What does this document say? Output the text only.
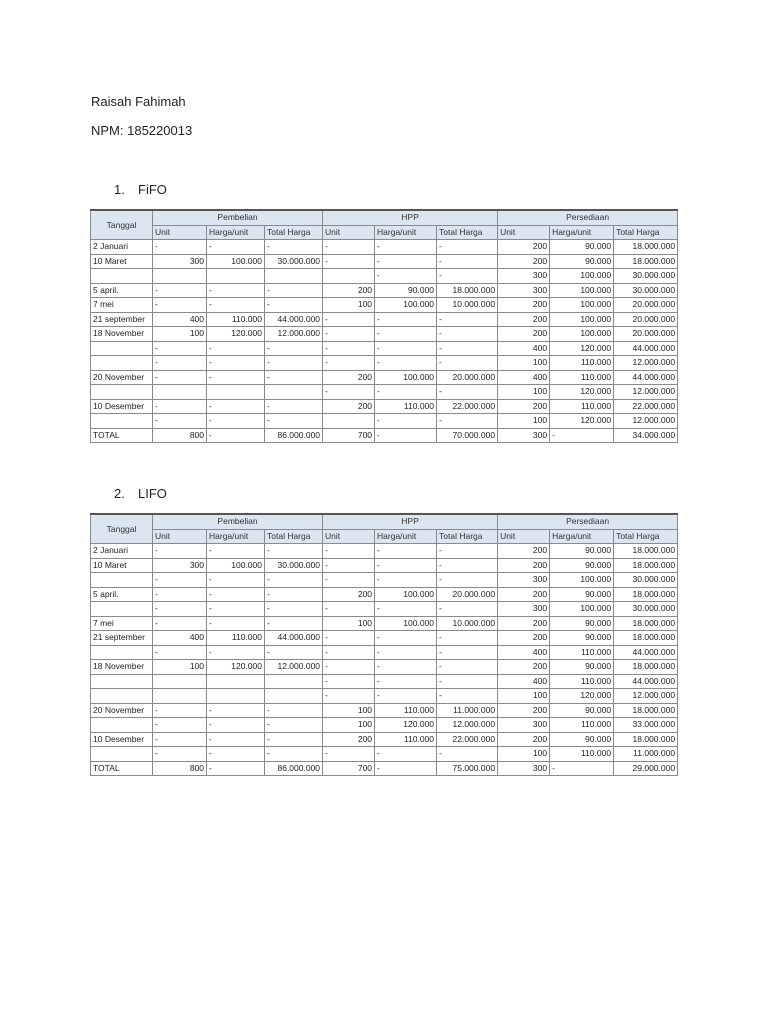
Raisah Fahimah
NPM: 185220013
1. FiFO
Tanggal	Pembelian			HPP			Persediaan		
	Unit	Harga/unit	Total Harga	Unit	Harga/unit	Total Harga	Unit	Harga/unit	Total Harga
2 Januari	-	-	-	-	-	-	200	90.000	18.000.000
10 Maret	300	100.000	30.000.000	-	-	-	200	90.000	18.000.000
					-	-	300	100.000	30.000.000
5 april.	-	-	-	200	90.000	18.000.000	300	100.000	30.000.000
7 mei	-	-	-	100	100.000	10.000.000	200	100.000	20.000.000
21 september	400	110.000	44.000.000	-	-	-	200	100.000	20.000.000
18 November	100	120.000	12.000.000	-	-	-	200	100.000	20.000.000
	-	-	-	-	-	-	400	120.000	44.000.000
	-	-	-	-	-	-	100	110.000	12.000.000
20 November	-	-	-	200	100.000	20.000.000	400	110.000	44.000.000
				-	-	-	100	120.000	12.000.000
10 Desember	-	-	-	200	110.000	22.000.000	200	110.000	22.000.000
	-	-	-		-	-	100	120.000	12.000.000
TOTAL	800	-	86.000.000	700	-	70.000.000	300	-	34.000.000
2. LIFO
Tanggal	Pembelian			HPP			Persediaan		
	Unit	Harga/unit	Total Harga	Unit	Harga/unit	Total Harga	Unit	Harga/unit	Total Harga
2 Januari	-	-	-	-	-	-	200	90.000	18.000.000
10 Maret	300	100.000	30.000.000	-	-	-	200	90.000	18.000.000
	-	-	-	-	-	-	300	100.000	30.000.000
5 april.	-	-	-	200	100.000	20.000.000	200	90.000	18.000.000
	-	-	-	-	-	-	300	100.000	30.000.000
7 mei	-	-	-	100	100.000	10.000.000	200	90.000	18.000.000
21 september	400	110.000	44.000.000	-	-	-	200	90.000	18.000.000
	-	-	-	-	-	-	400	110.000	44.000.000
18 November	100	120.000	12.000.000	-	-	-	200	90.000	18.000.000
				-	-	-	400	110.000	44.000.000
				-	-	-	100	120.000	12.000.000
20 November	-	-	-	100	110.000	11.000.000	200	90.000	18.000.000
	-	-	-	100	120.000	12.000.000	300	110.000	33.000.000
10 Desember	-	-	-	200	110.000	22.000.000	200	90.000	18.000.000
	-	-	-	-	-	-	100	110.000	11.000.000
TOTAL	800	-	86.000.000	700	-	75.000.000	300	-	29.000.000
